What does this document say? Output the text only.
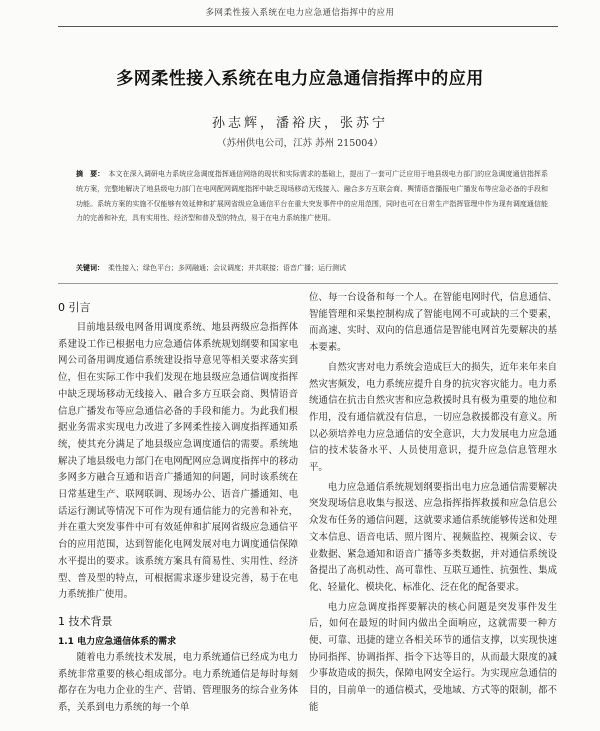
多网柔性接入系统在电力应急通信指挥中的应用
多网柔性接入系统在电力应急通信指挥中的应用
孙志辉，潘裕庆，张苏宁
（苏州供电公司，江苏 苏州 215004）
摘　要： 本文在深入调研电力系统应急调度指挥通信网络的现状和实际需求的基础上，提出了一套可广泛应用于地县级电力部门的应急调度通信指挥系统方案，完整地解决了地县级电力部门在电网配网调度指挥中缺乏现场移动无线接入、融合多方互联会商、舆情语音播报电广播发布等应急必备的手段和功能。系统方案的实施不仅能够有效延伸和扩展网省级应急通信平台在重大突发事件中的应用范围，同时也可在日常生产指挥管理中作为现有调度通信能力的完善和补充，具有实用性、经济型和普及型的特点，易于在电力系统推广使用。
关键词： 柔性接入；绿色平台；多网融通；会议调度；并共联接；语音广播；运行测试
0 引言

目前地县级电网备用调度系统、地县两级应急指挥体系建设工作已根据电力应急通信体系统规划纲要和国家电网公司备用调度通信系统建设指导意见等相关要求落实到位，但在实际工作中我们发现在地县级应急通信调度指挥中缺乏现场移动无线接入、融合多方互联会商、舆情语音信息广播发布等应急通信必备的手段和能力。为此我们根据业务需求实现电力改进了多网柔性接入调度指挥通知系统，使其充分满足了地县级应急调度通信的需要。系统地解决了地县级电力部门在电网配网应急调度指挥中的移动多网多方融合互通和语音广播通知的问题，同时该系统在日常基建生产、联网联调、现场办公、语音广播通知、电话运行测试等情况下可作为现有通信能力的完善和补充，并在重大突发事件中可有效延伸和扩展网省级应急通信平台的应用范围，达到智能化电网发展对电力调度通信保障水平提出的要求。该系统方案具有简易性、实用性、经济型、普及型的特点，可根据需求逐步建设完善，易于在电力系统推广使用。

1 技术背景
1.1 电力应急通信体系的需求

随着电力系统技术发展，电力系统通信已经成为电力系统非常重要的核心组成部分。电力系统通信是每时每刻都存在为电力企业的生产、营销、管理服务的综合业务体系，关系到电力系统的每一个单

位、每一台设备和每一个人。在智能电网时代，信息通信、智能管理和采集控制构成了智能电网不可或缺的三个要素，而高速、实时、双向的信息通信是智能电网首先要解决的基本要素。

自然灾害对电力系统会造成巨大的损失，近年来年来自然灾害频发，电力系统应提升自身的抗灾容灾能力。电力系统通信在抗击自然灾害和应急救援时具有极为重要的地位和作用，没有通信就没有信息，一切应急救援都没有意义。所以必须培养电力应急通信的安全意识，大力发展电力应急通信的技术装备水平、人员使用意识，提升应急信息管理水平。

电力应急通信系统规划纲要指出电力应急通信需要解决突发现场信息收集与报送、应急指挥指挥救援和应急信息公众发布任务的通信问题，这就要求通信系统能够传送和处理文本信息、语音电话、照片图片、视频监控、视频会议、专业数据、紧急通知和语音广播等多类数据，并对通信系统设备提出了高机动性、高可靠性、互联互通性、抗强性、集成化、轻量化、模块化、标准化、泛在化的配备要求。

电力应急调度指挥要解决的核心问题是突发事件发生后，如何在最短的时间内做出全面响应，这就需要一种方便、可靠、迅捷的建立各相关环节的通信支撑，以实现快速协同指挥、协调指挥、指令下达等目的，从而最大限度的减少事故造成的损失，保障电网安全运行。为实现应急通信的目的，目前单一的通信模式，受地域、方式等的限制，都不能
